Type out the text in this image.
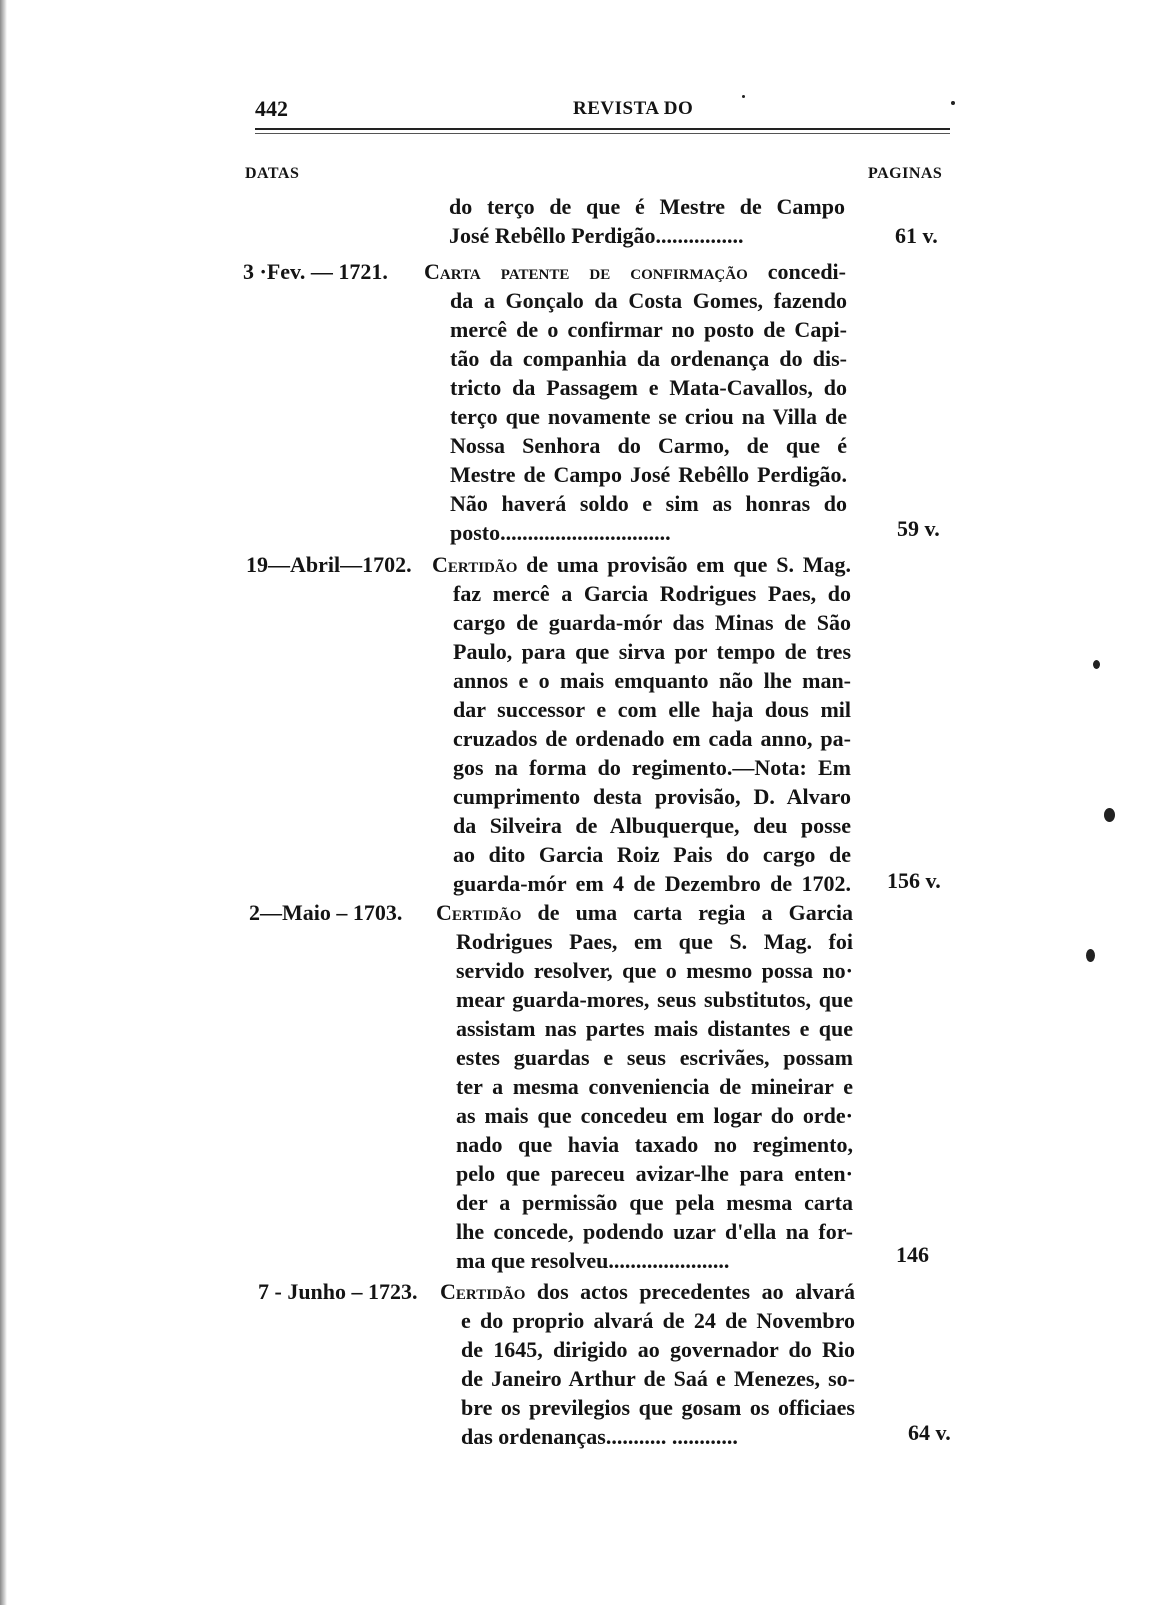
442	REVISTA DO
DATAS	PAGINAS
do terço de que é Mestre de Campo
José Rebêllo Perdigão................	61 v.
3 ·Fev. — 1721. Carta patente de confirmação concedi-
da a Gonçalo da Costa Gomes, fazendo
mercê de o confirmar no posto de Capi-
tão da companhia da ordenança do dis-
tricto da Passagem e Mata-Cavallos, do
terço que novamente se criou na Villa de
Nossa Senhora do Carmo, de que é
Mestre de Campo José Rebêllo Perdigão.
Não haverá soldo e sim as honras do
posto...............................	59 v.
19—Abril—1702. Certidão de uma provisão em que S. Mag.
faz mercê a Garcia Rodrigues Paes, do
cargo de guarda-mór das Minas de São
Paulo, para que sirva por tempo de tres
annos e o mais emquanto não lhe man-
dar successor e com elle haja dous mil
cruzados de ordenado em cada anno, pa-
gos na forma do regimento.—Nota: Em
cumprimento desta provisão, D. Alvaro
da Silveira de Albuquerque, deu posse
ao dito Garcia Roiz Pais do cargo de
guarda-mór em 4 de Dezembro de 1702. 156 v.
2—Maio – 1703. Certidão de uma carta regia a Garcia
Rodrigues Paes, em que S. Mag. foi
servido resolver, que o mesmo possa no·
mear guarda-mores, seus substitutos, que
assistam nas partes mais distantes e que
estes guardas e seus escrivães, possam
ter a mesma conveniencia de mineirar e
as mais que concedeu em logar do orde·
nado que havia taxado no regimento,
pelo que pareceu avizar-lhe para enten·
der a permissão que pela mesma carta
lhe concede, podendo uzar d'ella na for-
ma que resolveu......................	146
7 - Junho – 1723. Certidão dos actos precedentes ao alvará
e do proprio alvará de 24 de Novembro
de 1645, dirigido ao governador do Rio
de Janeiro Arthur de Saá e Menezes, so-
bre os previlegios que gosam os officiaes
das ordenanças........... ............	64 v.
